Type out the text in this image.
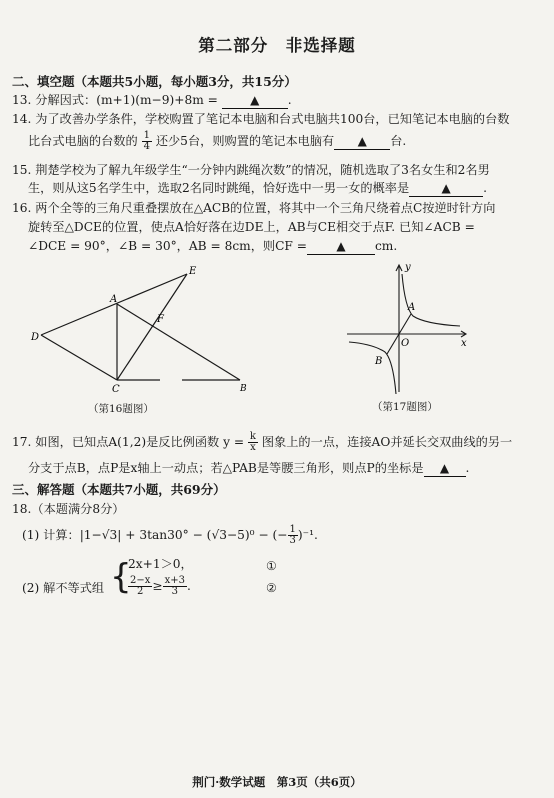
第二部分　非选择题
二、填空题（本题共5小题，每小题3分，共15分）
13. 分解因式：(m+1)(m−9)+8m = ▲ .
14. 为了改善办学条件，学校购置了笔记本电脑和台式电脑共100台，已知笔记本电脑的台数
比台式电脑的台数的 $\frac{1}{4}$ 还少5台，则购置的笔记本电脑有 ▲ 台.
15. 荆楚学校为了解九年级学生“一分钟内跳绳次数”的情况，随机选取了3名女生和2名男
生，则从这5名学生中，选取2名同时跳绳，恰好选中一男一女的概率是	▲	.
16. 两个全等的三角尺重叠摆放在△ACB的位置，将其中一个三角尺绕着点C按逆时针方向
旋转至△DCE的位置，使点A恰好落在边DE上，AB与CE相交于点F. 已知∠ACB =
∠DCE = 90°，∠B = 30°，AB = 8cm，则CF = ▲ cm.
E
A
F
D
C	B
（第16题图）
y
A
O	x
B
（第17题图）
17. 如图，已知点A(1,2)是反比例函数 $y = \frac{k}{x}$ 图象上的一点，连接AO并延长交双曲线的另一
分支于点B，点P是x轴上一动点；若△PAB是等腰三角形，则点P的坐标是 ▲ .
三、解答题（本题共7小题，共69分）
18.（本题满分8分）
(1) 计算：|1−√3| + 3tan30° − (√3−5)⁰ − (− $\frac{1}{3} )^{-1}$.
(2) 解不等式组 {
2x+1＞0，
$\frac{2-x}{2} \ge \frac{x+3}{3}$ .
①
②
荆门·数学试题　第3页（共6页）
